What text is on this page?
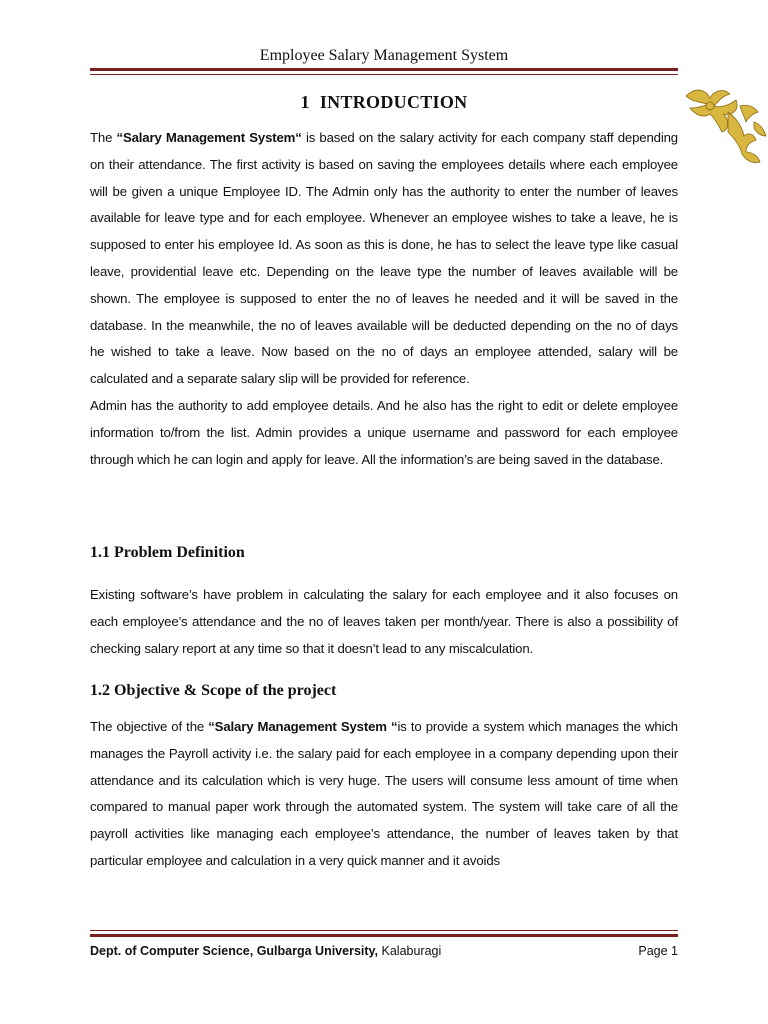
Employee Salary Management System
1 INTRODUCTION

The “Salary Management System“ is based on the salary activity for each company staff depending on their attendance. The first activity is based on saving the employees details where each employee will be given a unique Employee ID. The Admin only has the authority to enter the number of leaves available for leave type and for each employee. Whenever an employee wishes to take a leave, he is supposed to enter his employee Id. As soon as this is done, he has to select the leave type like casual leave, providential leave etc. Depending on the leave type the number of leaves available will be shown. The employee is supposed to enter the no of leaves he needed and it will be saved in the database. In the meanwhile, the no of leaves available will be deducted depending on the no of days he wished to take a leave. Now based on the no of days an employee attended, salary will be calculated and a separate salary slip will be provided for reference.

Admin has the authority to add employee details. And he also has the right to edit or delete employee information to/from the list. Admin provides a unique username and password for each employee through which he can login and apply for leave. All the information’s are being saved in the database.

1.1 Problem Definition

Existing software’s have problem in calculating the salary for each employee and it also focuses on each employee’s attendance and the no of leaves taken per month/year. There is also a possibility of checking salary report at any time so that it doesn’t lead to any miscalculation.

1.2 Objective & Scope of the project

The objective of the “Salary Management System “is to provide a system which manages the which manages the Payroll activity i.e. the salary paid for each employee in a company depending upon their attendance and its calculation which is very huge. The users will consume less amount of time when compared to manual paper work through the automated system. The system will take care of all the payroll activities like managing each employee’s attendance, the number of leaves taken by that particular employee and calculation in a very quick manner and it avoids

Dept. of Computer Science, Gulbarga University, Kalaburagi	Page 1
